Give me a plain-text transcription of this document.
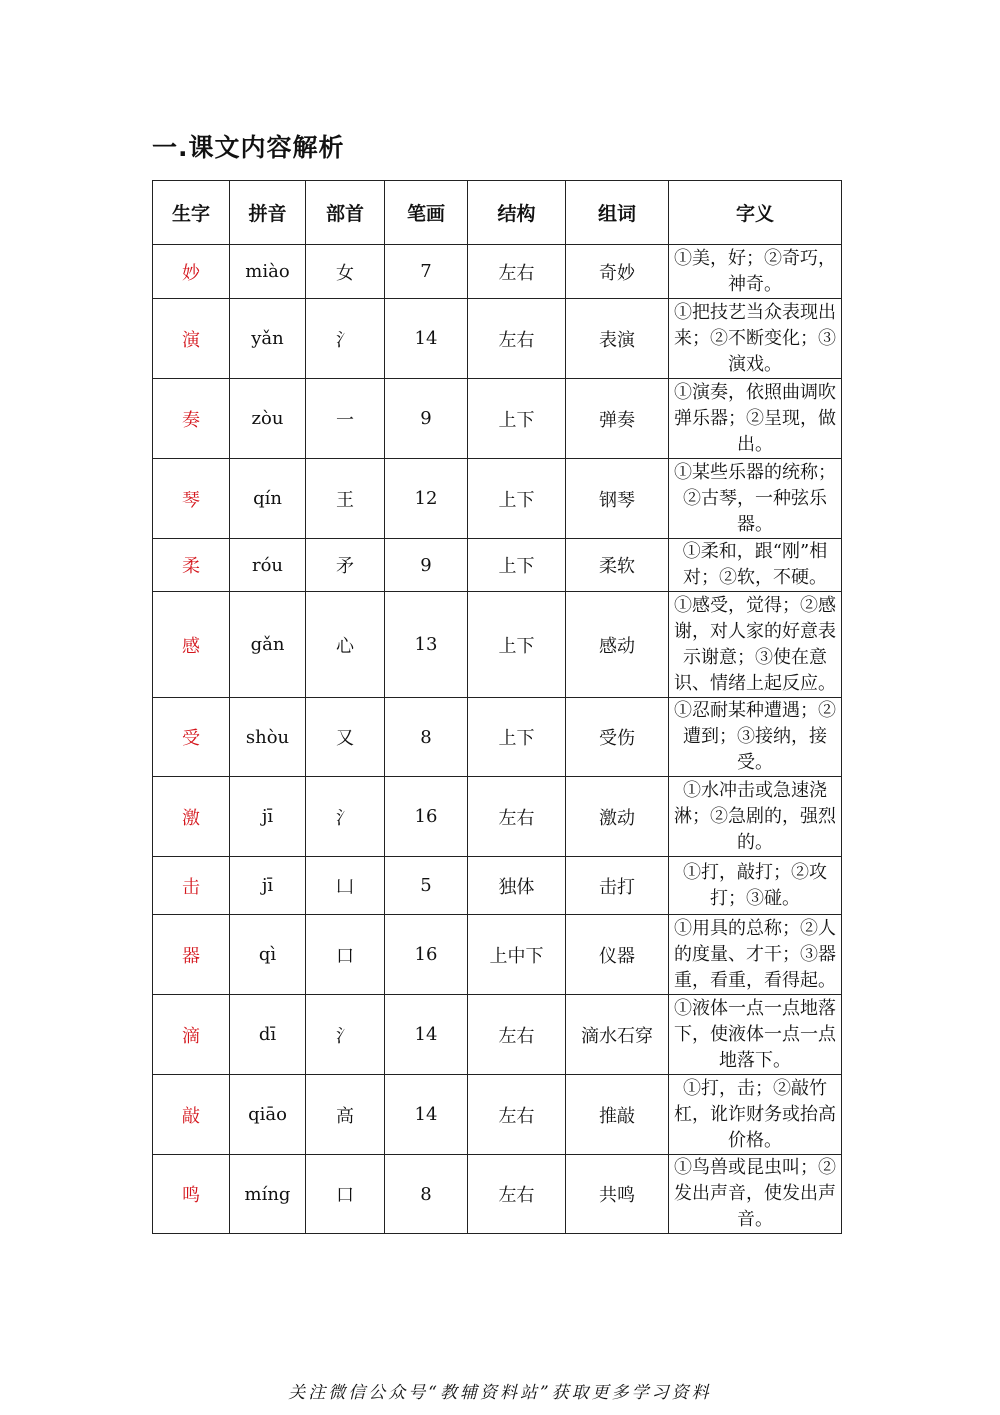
一.课文内容解析
生字	拼音	部首	笔画	结构	组词	字义
妙	miào	女	7	左右	奇妙	①美，好；②奇巧，神奇。
演	yǎn	氵	14	左右	表演	①把技艺当众表现出来；②不断变化；③演戏。
奏	zòu	一	9	上下	弹奏	①演奏，依照曲调吹弹乐器；②呈现，做出。
琴	qín	王	12	上下	钢琴	①某些乐器的统称；②古琴，一种弦乐器。
柔	róu	矛	9	上下	柔软	①柔和，跟“刚”相对；②软，不硬。
感	gǎn	心	13	上下	感动	①感受，觉得；②感谢，对人家的好意表示谢意；③使在意识、情绪上起反应。
受	shòu	又	8	上下	受伤	①忍耐某种遭遇；②遭到；③接纳，接受。
激	jī	氵	16	左右	激动	①水冲击或急速浇淋；②急剧的，强烈的。
击	jī	凵	5	独体	击打	①打，敲打；②攻打；③碰。
器	qì	口	16	上中下	仪器	①用具的总称；②人的度量、才干；③器重，看重，看得起。
滴	dī	氵	14	左右	滴水石穿	①液体一点一点地落下，使液体一点一点地落下。
敲	qiāo	高	14	左右	推敲	①打，击；②敲竹杠，讹诈财务或抬高价格。
鸣	míng	口	8	左右	共鸣	①鸟兽或昆虫叫；②发出声音，使发出声音。
关注微信公众号“教辅资料站”获取更多学习资料
